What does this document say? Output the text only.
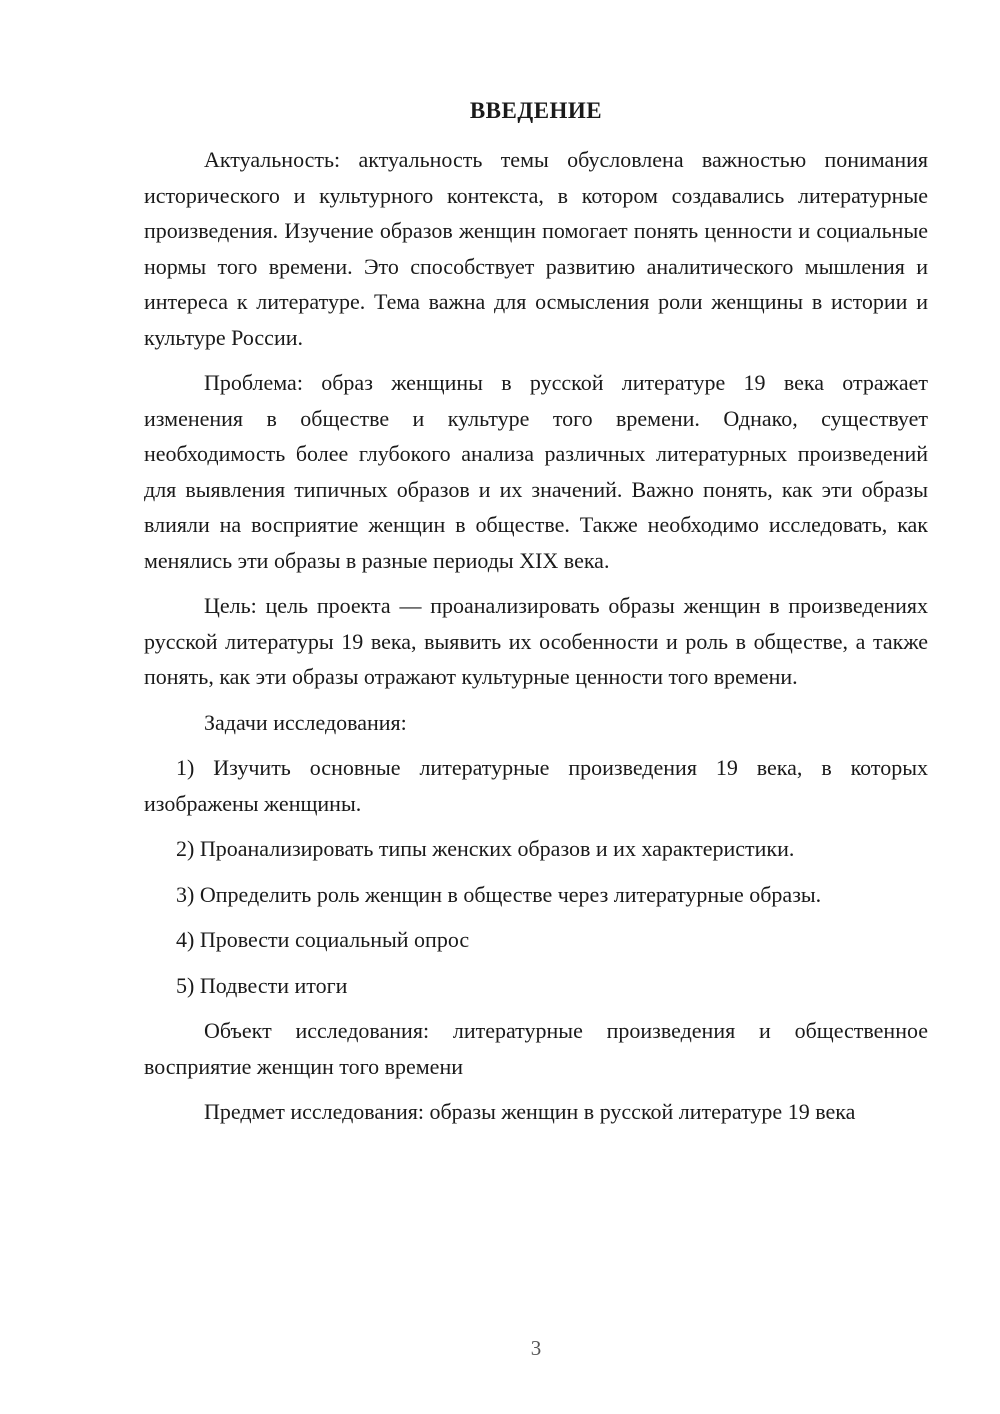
ВВЕДЕНИЕ

Актуальность: актуальность темы обусловлена важностью понимания исторического и культурного контекста, в котором создавались литературные произведения. Изучение образов женщин помогает понять ценности и социальные нормы того времени. Это способствует развитию аналитического мышления и интереса к литературе. Тема важна для осмысления роли женщины в истории и культуре России.

Проблема: образ женщины в русской литературе 19 века отражает изменения в обществе и культуре того времени. Однако, существует необходимость более глубокого анализа различных литературных произведений для выявления типичных образов и их значений. Важно понять, как эти образы влияли на восприятие женщин в обществе. Также необходимо исследовать, как менялись эти образы в разные периоды XIX века.

Цель: цель проекта — проанализировать образы женщин в произведениях русской литературы 19 века, выявить их особенности и роль в обществе, а также понять, как эти образы отражают культурные ценности того времени.

Задачи исследования:

1) Изучить основные литературные произведения 19 века, в которых изображены женщины.

2) Проанализировать типы женских образов и их характеристики.

3) Определить роль женщин в обществе через литературные образы.

4) Провести социальный опрос

5) Подвести итоги

Объект исследования: литературные произведения и общественное восприятие женщин того времени

Предмет исследования: образы женщин в русской литературе 19 века

3
